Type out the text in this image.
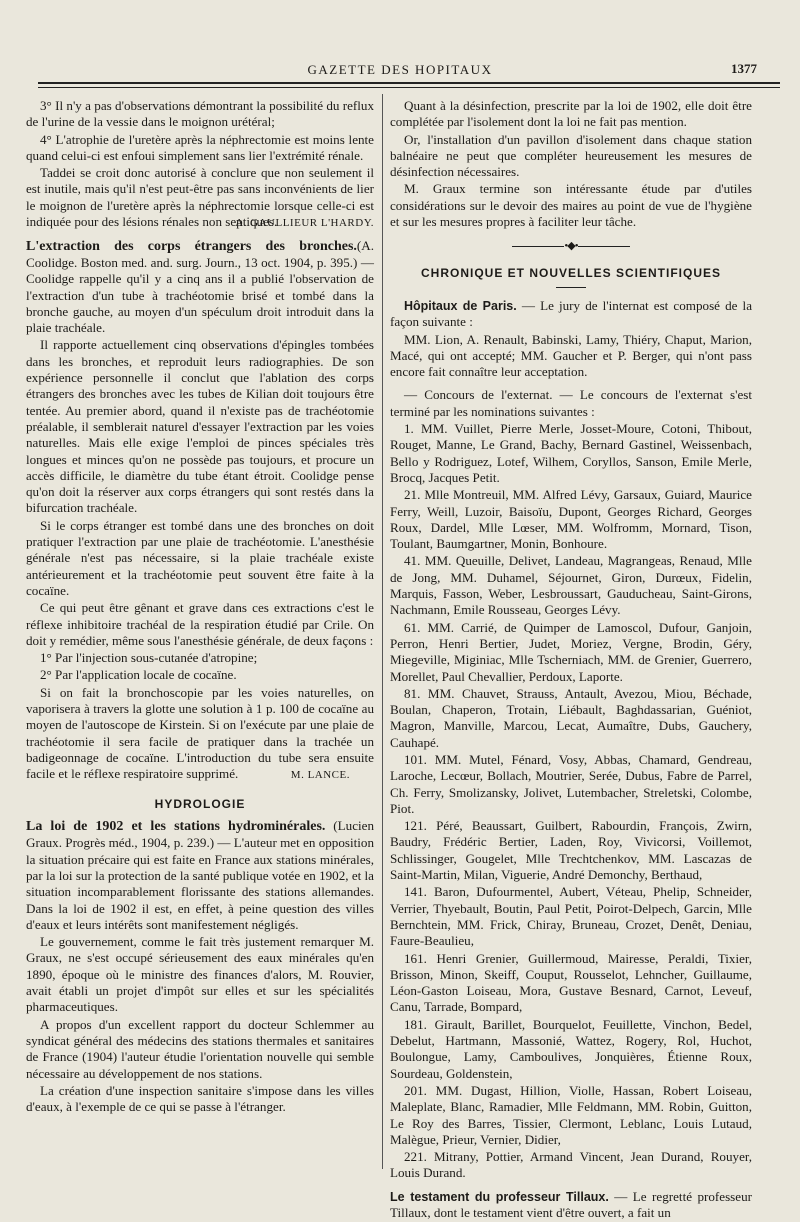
GAZETTE DES HOPITAUX	1377

3° Il n'y a pas d'observations démontrant la possibilité du reflux de l'urine de la vessie dans le moignon urétéral;

4° L'atrophie de l'uretère après la néphrectomie est moins lente quand celui-ci est enfoui simplement sans lier l'extrémité rénale.

Taddei se croit donc autorisé à conclure que non seulement il est inutile, mais qu'il n'est peut-être pas sans inconvénients de lier le moignon de l'uretère après la néphrectomie lorsque celle-ci est indiquée pour des lésions rénales non septiques.

A. GAULLIEUR L'HARDY.

L'extraction des corps étrangers des bronches.(A. Coolidge. Boston med. and. surg. Journ., 13 oct. 1904, p. 395.) — Coolidge rappelle qu'il y a cinq ans il a publié l'observation de l'extraction d'un tube à trachéotomie brisé et tombé dans la bronche gauche, au moyen d'un spéculum droit introduit dans la plaie trachéale.

Il rapporte actuellement cinq observations d'épingles tombées dans les bronches, et reproduit leurs radiographies. De son expérience personnelle il conclut que l'ablation des corps étrangers des bronches avec les tubes de Kilian doit toujours être tentée. Au premier abord, quand il n'existe pas de trachéotomie préalable, il semblerait naturel d'essayer l'extraction par les voies naturelles. Mais elle exige l'emploi de pinces spéciales très longues et minces qu'on ne possède pas toujours, et procure un accès difficile, le diamètre du tube étant étroit. Coolidge pense qu'on doit la réserver aux corps étrangers qui sont restés dans la bifurcation trachéale.

Si le corps étranger est tombé dans une des bronches on doit pratiquer l'extraction par une plaie de trachéotomie. L'anesthésie générale n'est pas nécessaire, si la plaie trachéale existe antérieurement et la trachéotomie peut souvent être faite à la cocaïne.

Ce qui peut être gênant et grave dans ces extractions c'est le réflexe inhibitoire trachéal de la respiration étudié par Crile. On doit y remédier, même sous l'anesthésie générale, de deux façons :

1° Par l'injection sous-cutanée d'atropine;

2° Par l'application locale de cocaïne.

Si on fait la bronchoscopie par les voies naturelles, on vaporisera à travers la glotte une solution à 1 p. 100 de cocaïne au moyen de l'autoscope de Kirstein. Si on l'exécute par une plaie de trachéotomie il sera facile de pratiquer dans la trachée un badigeonnage de cocaïne. L'introduction du tube sera ensuite facile et le réflexe respiratoire supprimé.	M. LANCE.
HYDROLOGIE

La loi de 1902 et les stations hydrominérales. (Lucien Graux. Progrès méd., 1904, p. 239.) — L'auteur met en opposition la situation précaire qui est faite en France aux stations minérales, par la loi sur la protection de la santé publique votée en 1902, et la situation incomparablement florissante des stations allemandes. Dans la loi de 1902 il est, en effet, à peine question des villes d'eaux et leurs intérêts sont manifestement négligés.

Le gouvernement, comme le fait très justement remarquer M. Graux, ne s'est occupé sérieusement des eaux minérales qu'en 1890, époque où le ministre des finances d'alors, M. Rouvier, avait établi un projet d'impôt sur elles et sur les spécialités pharmaceutiques.

A propos d'un excellent rapport du docteur Schlemmer au syndicat général des médecins des stations thermales et sanitaires de France (1904) l'auteur étudie l'orientation nouvelle qui semble nécessaire au développement de nos stations.

La création d'une inspection sanitaire s'impose dans les villes d'eaux, à l'exemple de ce qui se passe à l'étranger.

Quant à la désinfection, prescrite par la loi de 1902, elle doit être complétée par l'isolement dont la loi ne fait pas mention.

Or, l'installation d'un pavillon d'isolement dans chaque station balnéaire ne peut que compléter heureusement les mesures de désinfection nécessaires.

M. Graux termine son intéressante étude par d'utiles considérations sur le devoir des maires au point de vue de l'hygiène et sur les mesures propres à faciliter leur tâche.

•◆•
CHRONIQUE ET NOUVELLES SCIENTIFIQUES

Hôpitaux de Paris. — Le jury de l'internat est composé de la façon suivante :

MM. Lion, A. Renault, Babinski, Lamy, Thiéry, Chaput, Marion, Macé, qui ont accepté; MM. Gaucher et P. Berger, qui n'ont pass encore fait connaître leur acceptation.

— Concours de l'externat. — Le concours de l'externat s'est terminé par les nominations suivantes :

1. MM. Vuillet, Pierre Merle, Josset-Moure, Cotoni, Thibout, Rouget, Manne, Le Grand, Bachy, Bernard Gastinel, Weissenbach, Bello y Rodriguez, Lotef, Wilhem, Coryllos, Sanson, Emile Merle, Brocq, Jacques Petit.

21. Mlle Montreuil, MM. Alfred Lévy, Garsaux, Guiard, Maurice Ferry, Weill, Luzoir, Baisoïu, Dupont, Georges Richard, Georges Roux, Dardel, Mlle Lœser, MM. Wolfromm, Mornard, Tison, Toulant, Baumgartner, Monin, Bonhoure.

41. MM. Queuille, Delivet, Landeau, Magrangeas, Renaud, Mlle de Jong, MM. Duhamel, Séjournet, Giron, Durœux, Fidelin, Marquis, Fasson, Weber, Lesbroussart, Gauducheau, Saint-Girons, Nachmann, Emile Rousseau, Georges Lévy.

61. MM. Carrié, de Quimper de Lamoscol, Dufour, Ganjoin, Perron, Henri Bertier, Judet, Moriez, Vergne, Brodin, Géry, Miegeville, Miginiac, Mlle Tscherniach, MM. de Grenier, Guerrero, Morellet, Paul Chevallier, Perdoux, Laporte.

81. MM. Chauvet, Strauss, Antault, Avezou, Miou, Béchade, Boulan, Chaperon, Trotain, Liébault, Baghdassarian, Guéniot, Magron, Manville, Marcou, Lecat, Aumaître, Dubs, Gauchery, Cauhapé.

101. MM. Mutel, Fénard, Vosy, Abbas, Chamard, Gendreau, Laroche, Lecœur, Bollach, Moutrier, Serée, Dubus, Fabre de Parrel, Ch. Ferry, Smolizansky, Jolivet, Lutembacher, Streletski, Colombe, Piot.

121. Péré, Beaussart, Guilbert, Rabourdin, François, Zwirn, Baudry, Frédéric Bertier, Laden, Roy, Vivicorsi, Voillemot, Schlissinger, Gougelet, Mlle Trechtchenkov, MM. Lascazas de Saint-Martin, Milan, Viguerie, André Demonchy, Berthaud,

141. Baron, Dufourmentel, Aubert, Véteau, Phelip, Schneider, Verrier, Thyebault, Boutin, Paul Petit, Poirot-Delpech, Garcin, Mlle Bernchtein, MM. Frick, Chiray, Bruneau, Crozet, Denêt, Deniau, Faure-Beaulieu,

161. Henri Grenier, Guillermoud, Mairesse, Peraldi, Tixier, Brisson, Minon, Skeiff, Couput, Rousselot, Lehncher, Guillaume, Léon-Gaston Loiseau, Mora, Gustave Besnard, Carnot, Leveuf, Canu, Tarrade, Bompard,

181. Girault, Barillet, Bourquelot, Feuillette, Vinchon, Bedel, Debelut, Hartmann, Massonié, Wattez, Rogery, Rol, Huchot, Boulongue, Lamy, Camboulives, Jonquières, Étienne Roux, Sourdeau, Goldenstein,

201. MM. Dugast, Hillion, Violle, Hassan, Robert Loiseau, Maleplate, Blanc, Ramadier, Mlle Feldmann, MM. Robin, Guitton, Le Roy des Barres, Tissier, Clermont, Leblanc, Louis Lutaud, Malègue, Prieur, Vernier, Didier,

221. Mitrany, Pottier, Armand Vincent, Jean Durand, Rouyer, Louis Durand.

Le testament du professeur Tillaux. — Le regretté professeur Tillaux, dont le testament vient d'être ouvert, a fait un
